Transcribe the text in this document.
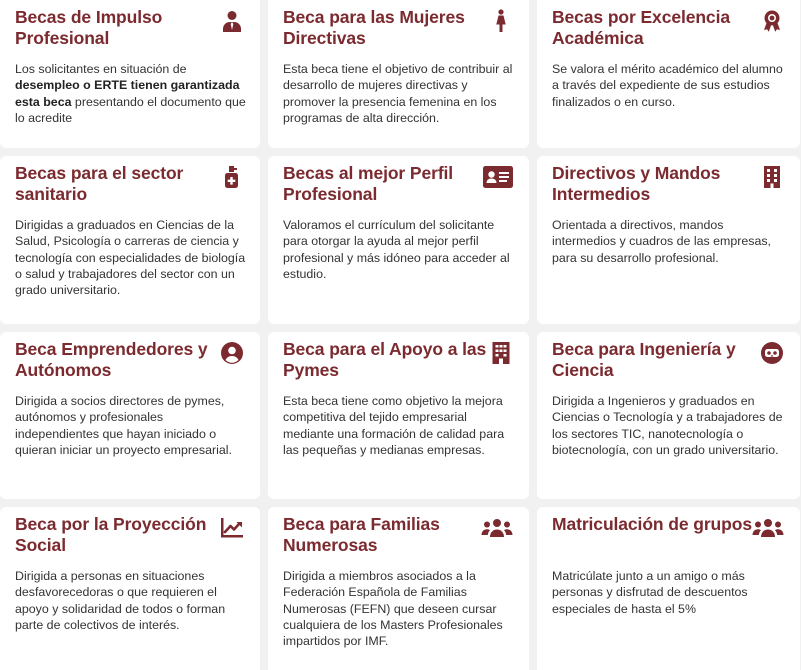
Becas de Impulso Profesional

Los solicitantes en situación de desempleo o ERTE tienen garantizada esta beca presentando el documento que lo acredite

Beca para las Mujeres Directivas

Esta beca tiene el objetivo de contribuir al desarrollo de mujeres directivas y promover la presencia femenina en los programas de alta dirección.

Becas por Excelencia Académica

Se valora el mérito académico del alumno a través del expediente de sus estudios finalizados o en curso.

Becas para el sector sanitario

Dirigidas a graduados en Ciencias de la Salud, Psicología o carreras de ciencia y tecnología con especialidades de biología o salud y trabajadores del sector con un grado universitario.

Becas al mejor Perfil Profesional

Valoramos el currículum del solicitante para otorgar la ayuda al mejor perfil profesional y más idóneo para acceder al estudio.

Directivos y Mandos Intermedios

Orientada a directivos, mandos intermedios y cuadros de las empresas, para su desarrollo profesional.

Beca Emprendedores y Autónomos

Dirigida a socios directores de pymes, autónomos y profesionales independientes que hayan iniciado o quieran iniciar un proyecto empresarial.

Beca para el Apoyo a las Pymes

Esta beca tiene como objetivo la mejora competitiva del tejido empresarial mediante una formación de calidad para las pequeñas y medianas empresas.

Beca para Ingeniería y Ciencia

Dirigida a Ingenieros y graduados en Ciencias o Tecnología y a trabajadores de los sectores TIC, nanotecnología o biotecnología, con un grado universitario.

Beca por la Proyección Social

Dirigida a personas en situaciones desfavorecedoras o que requieren el apoyo y solidaridad de todos o forman parte de colectivos de interés.

Beca para Familias Numerosas

Dirigida a miembros asociados a la Federación Española de Familias Numerosas (FEFN) que deseen cursar cualquiera de los Masters Profesionales impartidos por IMF.

Matriculación de grupos

Matricúlate junto a un amigo o más personas y disfrutad de descuentos especiales de hasta el 5%
